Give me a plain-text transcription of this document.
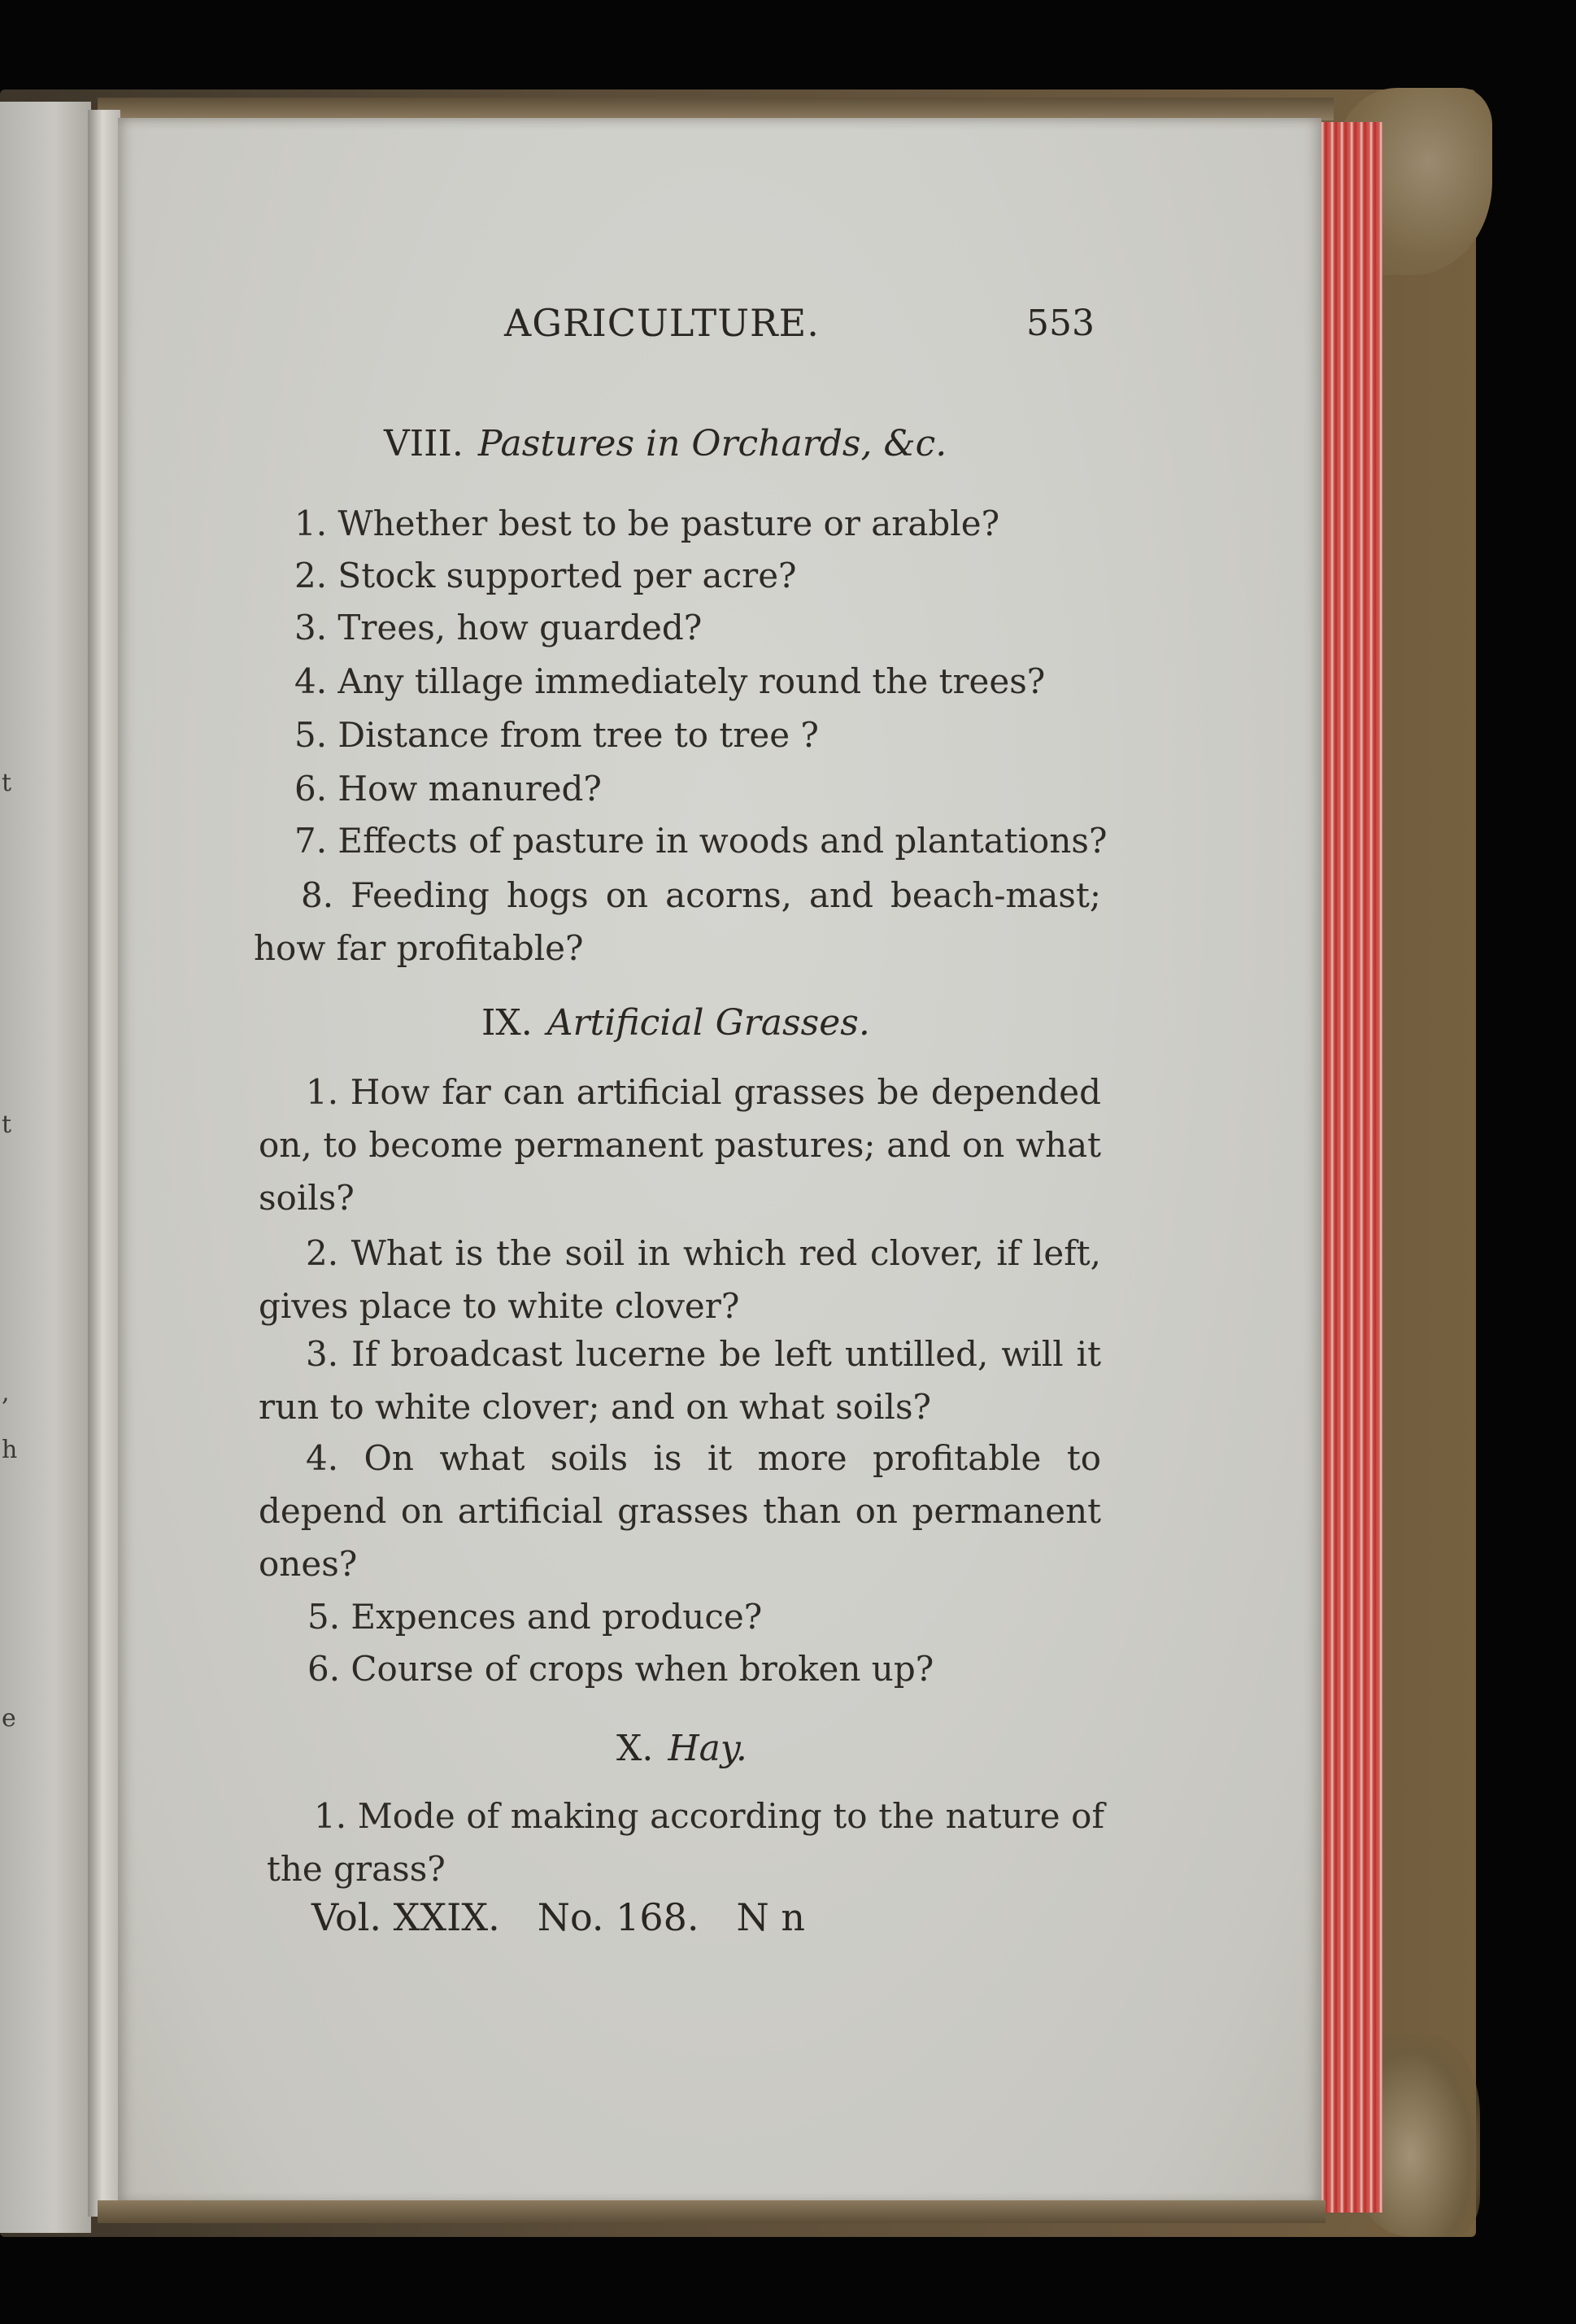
t
t
,
h
e
AGRICULTURE.	553
VIII. Pastures in Orchards, &c.
1. Whether best to be pasture or arable?
2. Stock supported per acre?
3. Trees, how guarded?
4. Any tillage immediately round the trees?
5. Distance from tree to tree ?
6. How manured?
7. Effects of pasture in woods and plantations?
8. Feeding hogs on acorns, and beach-mast; how far profitable?
IX. Artificial Grasses.
1. How far can artificial grasses be depended on, to become permanent pastures; and on what soils?
2. What is the soil in which red clover, if left, gives place to white clover?
3. If broadcast lucerne be left untilled, will it run to white clover; and on what soils?
4. On what soils is it more profitable to depend on artificial grasses than on permanent ones?
5. Expences and produce?
6. Course of crops when broken up?
X. Hay.
1. Mode of making according to the nature of the grass?
Vol. XXIX. No. 168. N n
